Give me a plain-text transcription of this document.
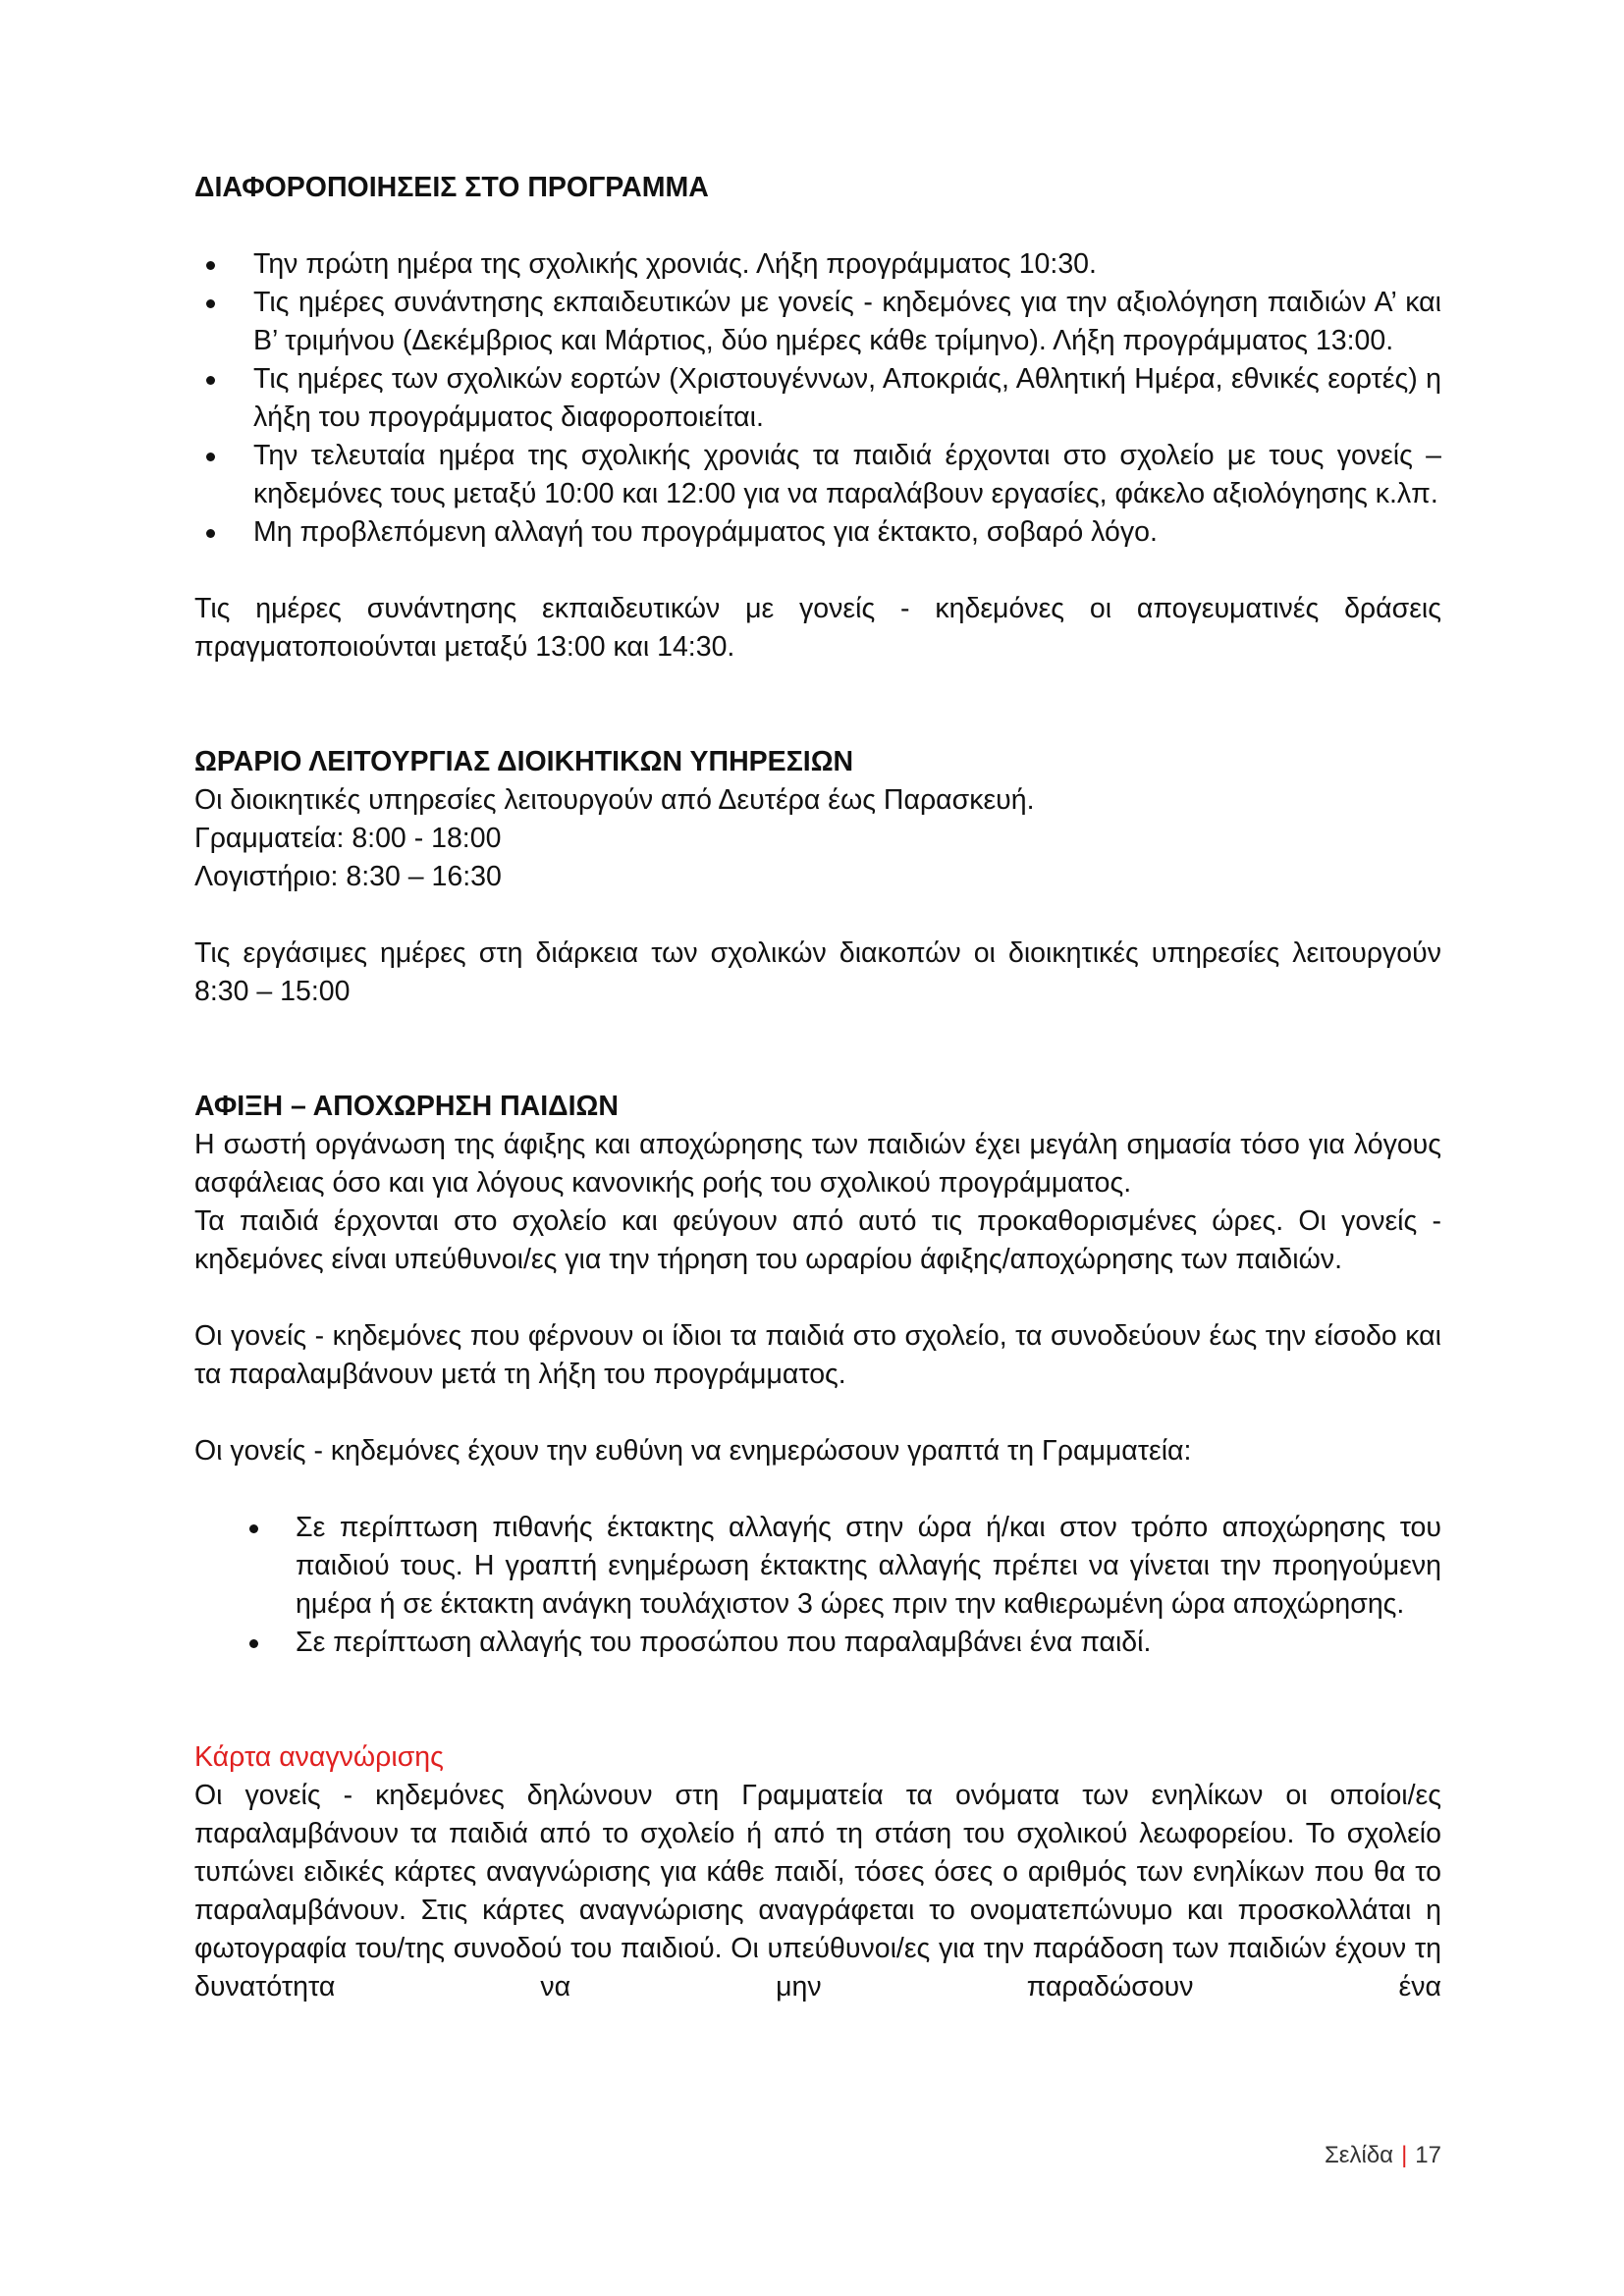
ΔΙΑΦΟΡΟΠΟΙΗΣΕΙΣ ΣΤΟ ΠΡΟΓΡΑΜΜΑ

Την πρώτη ημέρα της σχολικής χρονιάς. Λήξη προγράμματος 10:30.
Τις ημέρες συνάντησης εκπαιδευτικών με γονείς - κηδεμόνες για την αξιολόγηση παιδιών Α’ και Β’ τριμήνου (Δεκέμβριος και Μάρτιος, δύο ημέρες κάθε τρίμηνο). Λήξη προγράμματος 13:00.
Τις ημέρες των σχολικών εορτών (Χριστουγέννων, Αποκριάς, Αθλητική Ημέρα, εθνικές εορτές) η λήξη του προγράμματος διαφοροποιείται.
Την τελευταία ημέρα της σχολικής χρονιάς τα παιδιά έρχονται στο σχολείο με τους γονείς – κηδεμόνες τους μεταξύ 10:00 και 12:00 για να παραλάβουν εργασίες, φάκελο αξιολόγησης κ.λπ.
Μη προβλεπόμενη αλλαγή του προγράμματος για έκτακτο, σοβαρό λόγο.

Τις ημέρες συνάντησης εκπαιδευτικών με γονείς - κηδεμόνες οι απογευματινές δράσεις πραγματοποιούνται μεταξύ 13:00 και 14:30.

ΩΡΑΡΙΟ ΛΕΙΤΟΥΡΓΙΑΣ ΔΙΟΙΚΗΤΙΚΩΝ ΥΠΗΡΕΣΙΩΝ

Οι διοικητικές υπηρεσίες λειτουργούν από Δευτέρα έως Παρασκευή.

Γραμματεία: 8:00 - 18:00

Λογιστήριο: 8:30 – 16:30

Τις εργάσιμες ημέρες στη διάρκεια των σχολικών διακοπών οι διοικητικές υπηρεσίες λειτουργούν 8:30 – 15:00

ΑΦΙΞΗ – ΑΠΟΧΩΡΗΣΗ ΠΑΙΔΙΩΝ

Η σωστή οργάνωση της άφιξης και αποχώρησης των παιδιών έχει μεγάλη σημασία τόσο για λόγους ασφάλειας όσο και για λόγους κανονικής ροής του σχολικού προγράμματος.

Τα παιδιά έρχονται στο σχολείο και φεύγουν από αυτό τις προκαθορισμένες ώρες. Οι γονείς - κηδεμόνες είναι υπεύθυνοι/ες για την τήρηση του ωραρίου άφιξης/αποχώρησης των παιδιών.

Οι γονείς - κηδεμόνες που φέρνουν οι ίδιοι τα παιδιά στο σχολείο, τα συνοδεύουν έως την είσοδο και τα παραλαμβάνουν μετά τη λήξη του προγράμματος.

Οι γονείς - κηδεμόνες έχουν την ευθύνη να ενημερώσουν γραπτά τη Γραμματεία:

Σε περίπτωση πιθανής έκτακτης αλλαγής στην ώρα ή/και στον τρόπο αποχώρησης του παιδιού τους. Η γραπτή ενημέρωση έκτακτης αλλαγής πρέπει να γίνεται την προηγούμενη ημέρα ή σε έκτακτη ανάγκη τουλάχιστον 3 ώρες πριν την καθιερωμένη ώρα αποχώρησης.
Σε περίπτωση αλλαγής του προσώπου που παραλαμβάνει ένα παιδί.

Κάρτα αναγνώρισης

Οι γονείς - κηδεμόνες δηλώνουν στη Γραμματεία τα ονόματα των ενηλίκων οι οποίοι/ες παραλαμβάνουν τα παιδιά από το σχολείο ή από τη στάση του σχολικού λεωφορείου. Το σχολείο τυπώνει ειδικές κάρτες αναγνώρισης για κάθε παιδί, τόσες όσες ο αριθμός των ενηλίκων που θα το παραλαμβάνουν. Στις κάρτες αναγνώρισης αναγράφεται το ονοματεπώνυμο και προσκολλάται η φωτογραφία του/της συνοδού του παιδιού. Οι υπεύθυνοι/ες για την παράδοση των παιδιών έχουν τη δυνατότητα να μην παραδώσουν ένα

Σελίδα | 17
